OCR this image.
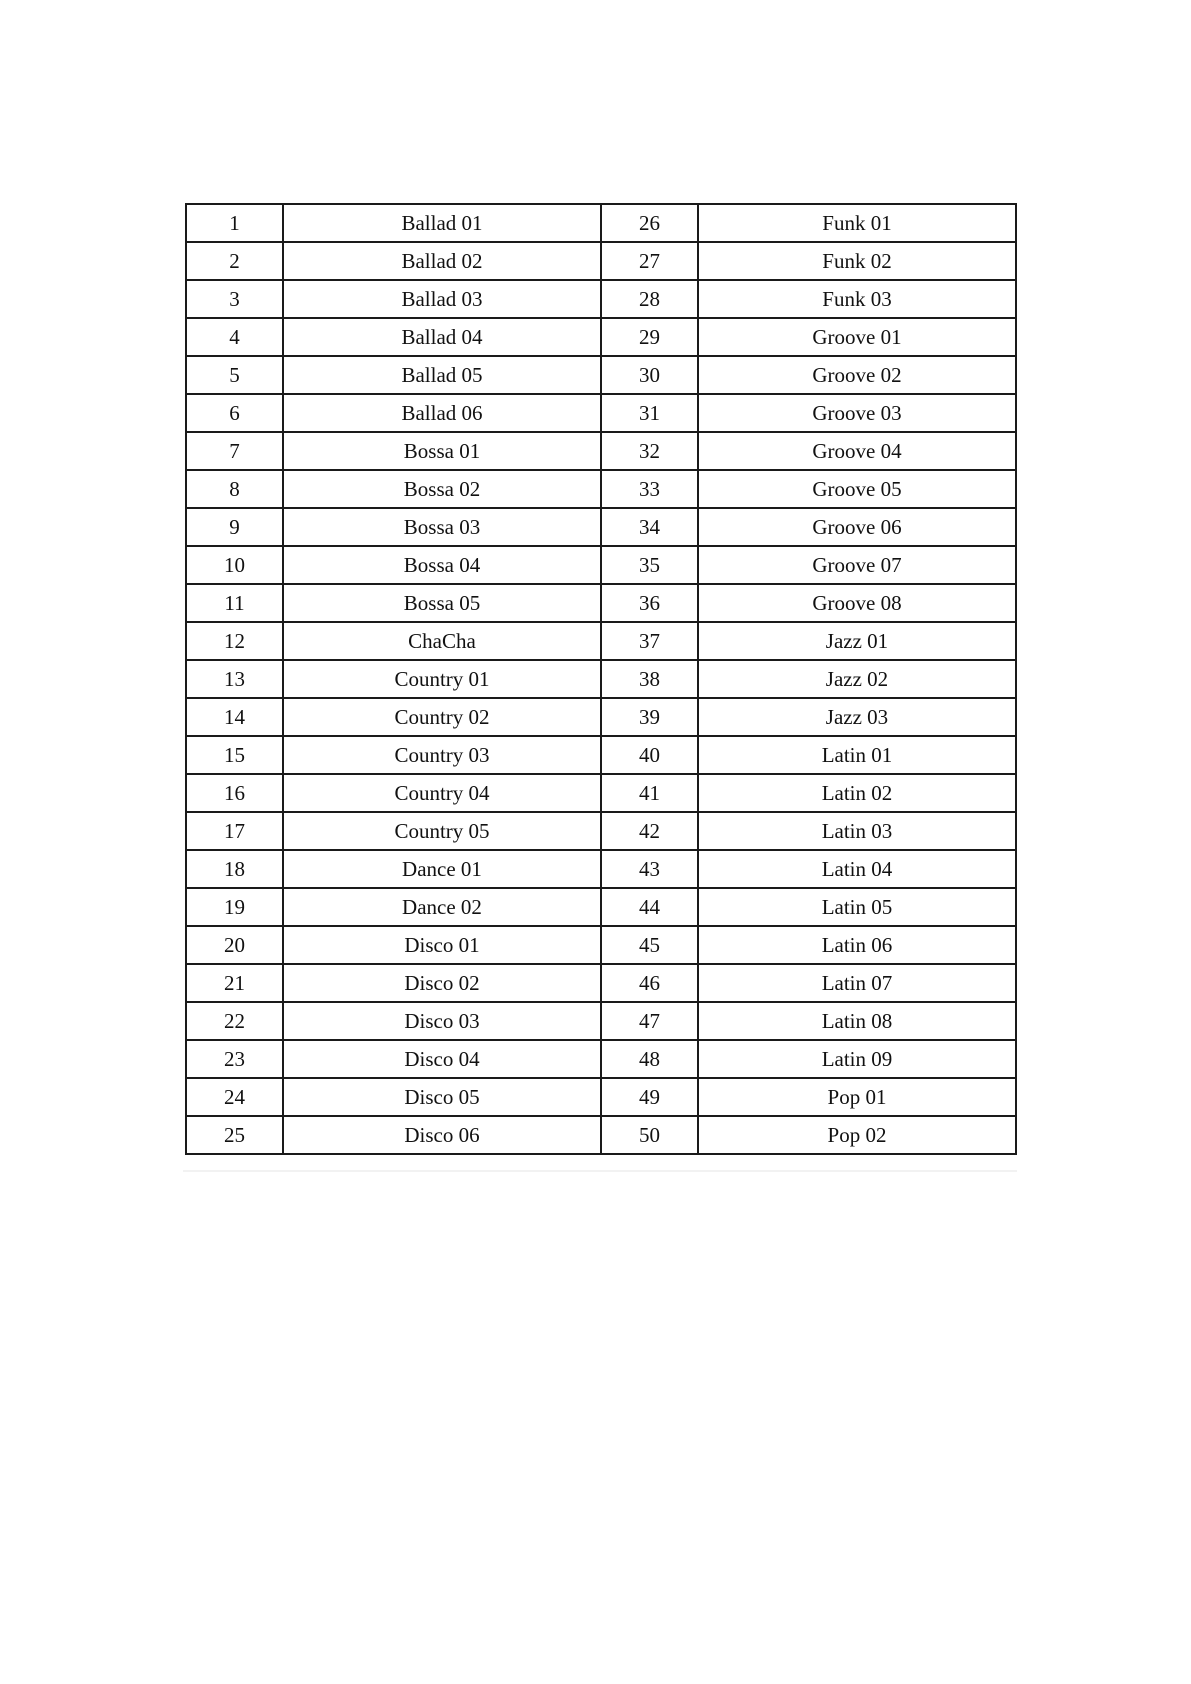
1	Ballad 01	26	Funk 01
2	Ballad 02	27	Funk 02
3	Ballad 03	28	Funk 03
4	Ballad 04	29	Groove 01
5	Ballad 05	30	Groove 02
6	Ballad 06	31	Groove 03
7	Bossa 01	32	Groove 04
8	Bossa 02	33	Groove 05
9	Bossa 03	34	Groove 06
10	Bossa 04	35	Groove 07
11	Bossa 05	36	Groove 08
12	ChaCha	37	Jazz 01
13	Country 01	38	Jazz 02
14	Country 02	39	Jazz 03
15	Country 03	40	Latin 01
16	Country 04	41	Latin 02
17	Country 05	42	Latin 03
18	Dance 01	43	Latin 04
19	Dance 02	44	Latin 05
20	Disco 01	45	Latin 06
21	Disco 02	46	Latin 07
22	Disco 03	47	Latin 08
23	Disco 04	48	Latin 09
24	Disco 05	49	Pop 01
25	Disco 06	50	Pop 02
